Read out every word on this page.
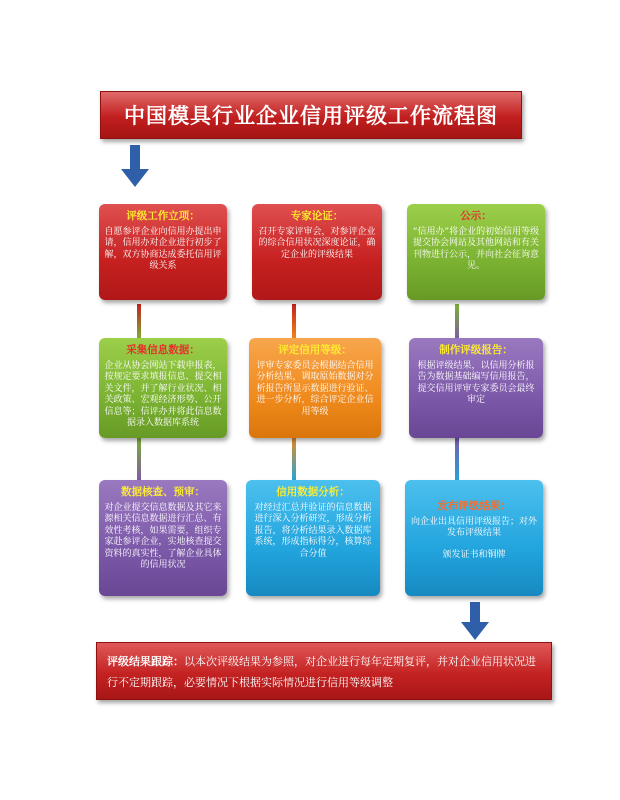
中国模具行业企业信用评级工作流程图
评级工作立项：
自愿参评企业向信用办提出申请，信用办对企业进行初步了解，双方协商达成委托信用评级关系
专家论证：
召开专家评审会，对参评企业的综合信用状况深度论证，确定企业的评级结果
公示：
“信用办”将企业的初始信用等级提交协会网站及其他网站和有关刊物进行公示，并向社会征询意见。
采集信息数据：
企业从协会网站下载申报表，按规定要求填报信息、提交相关文件，并了解行业状况、相关政策、宏观经济形势、公开信息等；信评办并将此信息数据录入数据库系统
评定信用等级：
评审专家委员会根据结合信用分析结果，调取原始数据对分析报告所显示数据进行验证、进一步分析，综合评定企业信用等级
制作评级报告：
根据评级结果，以信用分析报告为数据基础编写信用报告，提交信用评审专家委员会最终审定
数据核查、预审：
对企业提交信息数据及其它来源相关信息数据进行汇总、有效性考核，如果需要，组织专家赴参评企业，实地核查提交资料的真实性，了解企业具体的信用状况
信用数据分析：
对经过汇总并验证的信息数据进行深入分析研究，形成分析报告，将分析结果录入数据库系统，形成指标得分，核算综合分值
发布评级结果：
向企业出具信用评级报告；对外发布评级结果
颁发证书和铜牌
评级结果跟踪：以本次评级结果为参照，对企业进行每年定期复评，并对企业信用状况进行不定期跟踪，必要情况下根据实际情况进行信用等级调整
